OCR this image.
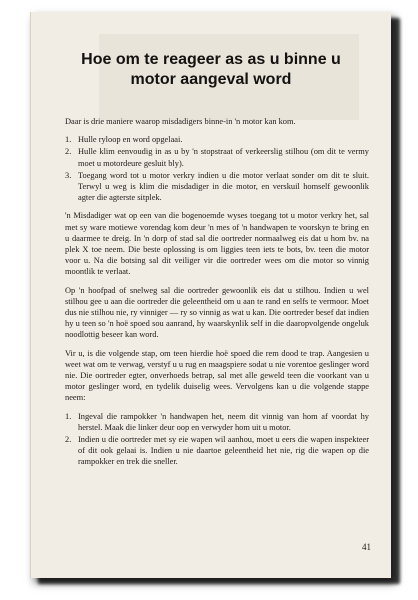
Hoe om te reageer as as u binne u
motor aangeval word

Daar is drie maniere waarop misdadigers binne-in 'n motor kan kom.

1. Hulle ryloop en word opgelaai.
2. Hulle klim eenvoudig in as u by 'n stopstraat of verkeerslig stilhou (om dit te vermy moet u motordeure gesluit bly).
3. Toegang word tot u motor verkry indien u die motor verlaat sonder om dit te sluit. Terwyl u weg is klim die misdadiger in die motor, en verskuil homself gewoonlik agter die agterste sitplek.

'n Misdadiger wat op een van die bogenoemde wyses toegang tot u motor verkry het, sal met sy ware motiewe vorendag kom deur 'n mes of 'n handwapen te voorskyn te bring en u daarmee te dreig. In 'n dorp of stad sal die oortreder normaalweg eis dat u hom bv. na plek X toe neem. Die beste oplossing is om liggies teen iets te bots, bv. teen die motor voor u. Na die botsing sal dit veiliger vir die oortreder wees om die motor so vinnig moontlik te verlaat.

Op 'n hoofpad of snelweg sal die oortreder gewoonlik eis dat u stilhou. Indien u wel stilhou gee u aan die oortreder die geleentheid om u aan te rand en selfs te vermoor. Moet dus nie stilhou nie, ry vinniger — ry so vinnig as wat u kan. Die oortreder besef dat indien hy u teen so 'n hoë spoed sou aanrand, hy waarskynlik self in die daaropvolgende ongeluk noodlottig beseer kan word.

Vir u, is die volgende stap, om teen hierdie hoë spoed die rem dood te trap. Aangesien u weet wat om te verwag, verstyf u u rug en maagspiere sodat u nie vorentoe geslinger word nie. Die oortreder egter, onverhoeds betrap, sal met alle geweld teen die voorkant van u motor geslinger word, en tydelik duiselig wees. Vervolgens kan u die volgende stappe neem:

1. Ingeval die rampokker 'n handwapen het, neem dit vinnig van hom af voordat hy herstel. Maak die linker deur oop en verwyder hom uit u motor.
2. Indien u die oortreder met sy eie wapen wil aanhou, moet u eers die wapen inspekteer of dit ook gelaai is. Indien u nie daartoe geleentheid het nie, rig die wapen op die rampokker en trek die sneller.
41
